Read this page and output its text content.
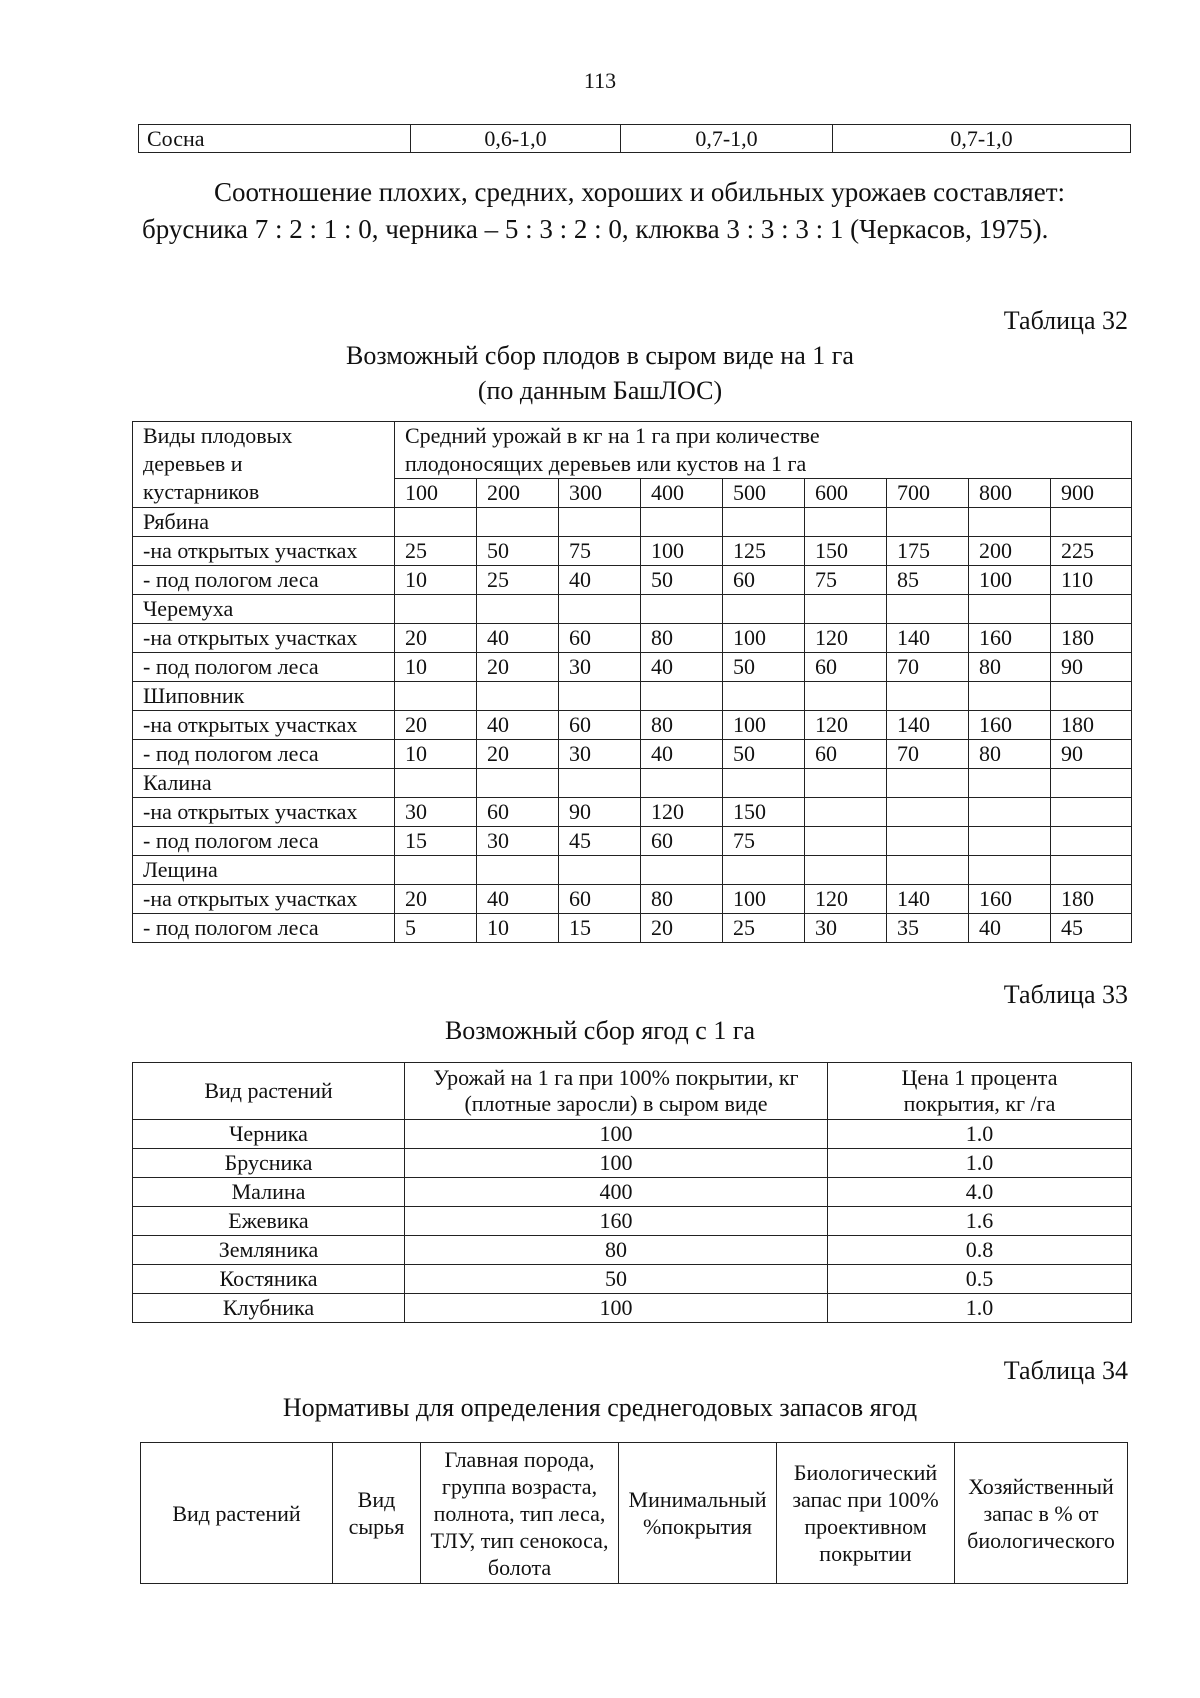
113
Сосна	0,6-1,0	0,7-1,0	0,7-1,0
Соотношение плохих, средних, хороших и обильных урожаев составляет:
брусника 7 : 2 : 1 : 0, черника – 5 : 3 : 2 : 0, клюква 3 : 3 : 3 : 1 (Черкасов, 1975).
Таблица 32
Возможный сбор плодов в сыром виде на 1 га
(по данным БашЛОС)
Виды плодовых
деревьев и
кустарников	Средний урожай в кг на 1 га при количестве								
	плодоносящих деревьев или кустов на 1 га								
	100	200	300	400	500	600	700	800	900
Рябина									
-на открытых участках	25	50	75	100	125	150	175	200	225
- под пологом леса	10	25	40	50	60	75	85	100	110
Черемуха									
-на открытых участках	20	40	60	80	100	120	140	160	180
- под пологом леса	10	20	30	40	50	60	70	80	90
Шиповник									
-на открытых участках	20	40	60	80	100	120	140	160	180
- под пологом леса	10	20	30	40	50	60	70	80	90
Калина									
-на открытых участках	30	60	90	120	150				
- под пологом леса	15	30	45	60	75				
Лещина									
-на открытых участках	20	40	60	80	100	120	140	160	180
- под пологом леса	5	10	15	20	25	30	35	40	45
Таблица 33
Возможный сбор ягод с 1 га
Вид растений	Урожай на 1 га при 100% покрытии, кг (плотные заросли) в сыром виде	Цена 1 процента покрытия, кг /га
Черника	100	1.0
Брусника	100	1.0
Малина	400	4.0
Ежевика	160	1.6
Земляника	80	0.8
Костяника	50	0.5
Клубника	100	1.0
Таблица 34
Нормативы для определения среднегодовых запасов ягод
Вид растений	Вид сырья	Главная порода, группа возраста, полнота, тип леса, ТЛУ, тип сенокоса, болота	Минимальный %покрытия	Биологический запас при 100% проективном покрытии	Хозяйственный запас в % от биологического
